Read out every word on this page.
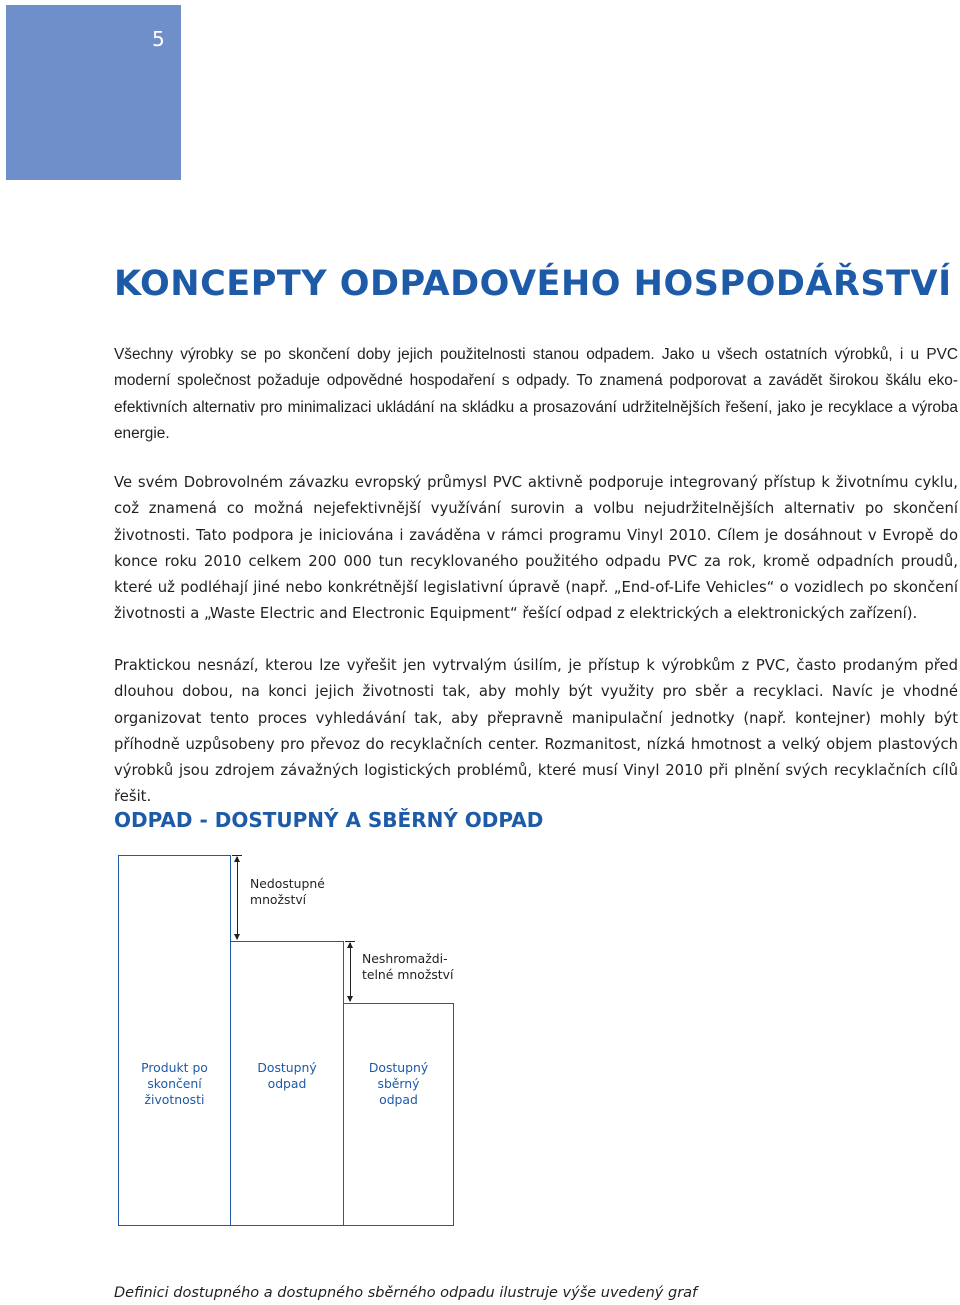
5
KONCEPTY ODPADOVÉHO HOSPODÁŘSTVÍ

Všechny výrobky se po skončení doby jejich použitelnosti stanou odpadem. Jako u všech ostatních výrobků, i u PVC moderní společnost požaduje odpovědné hospodaření s odpady. To znamená podporovat a zavádět širokou škálu eko-efektivních alternativ pro minimalizaci ukládání na skládku a prosazování udržitelnějších řešení, jako je recyklace a výroba energie.

Ve svém Dobrovolném závazku evropský průmysl PVC aktivně podporuje integrovaný přístup k životnímu cyklu, což znamená co možná nejefektivnější využívání surovin a volbu nejudržitelnějších alternativ po skončení životnosti. Tato podpora je iniciována i zaváděna v rámci programu Vinyl 2010. Cílem je dosáhnout v Evropě do konce roku 2010 celkem 200 000 tun recyklovaného použitého odpadu PVC za rok, kromě odpadních proudů, které už podléhají jiné nebo konkrétnější legislativní úpravě (např. „End-of-Life Vehicles“ o vozidlech po skončení životnosti a „Waste Electric and Electronic Equipment“ řešící odpad z elektrických a elektronických zařízení).

Praktickou nesnází, kterou lze vyřešit jen vytrvalým úsilím, je přístup k výrobkům z PVC, často prodaným před dlouhou dobou, na konci jejich životnosti tak, aby mohly být využity pro sběr a recyklaci. Navíc je vhodné organizovat tento proces vyhledávání tak, aby přepravně manipulační jednotky (např. kontejner) mohly být příhodně uzpůsobeny pro převoz do recyklačních center. Rozmanitost, nízká hmotnost a velký objem plastových výrobků jsou zdrojem závažných logistických problémů, které musí Vinyl 2010 při plnění svých recyklačních cílů řešit.

ODPAD - DOSTUPNÝ A SBĚRNÝ ODPAD
Nedostupné
množství
Neshromaždi-
telné množství
Produkt po
skončení
životnosti
Dostupný
odpad
Dostupný
sběrný
odpad

Definici dostupného a dostupného sběrného odpadu ilustruje výše uvedený graf
